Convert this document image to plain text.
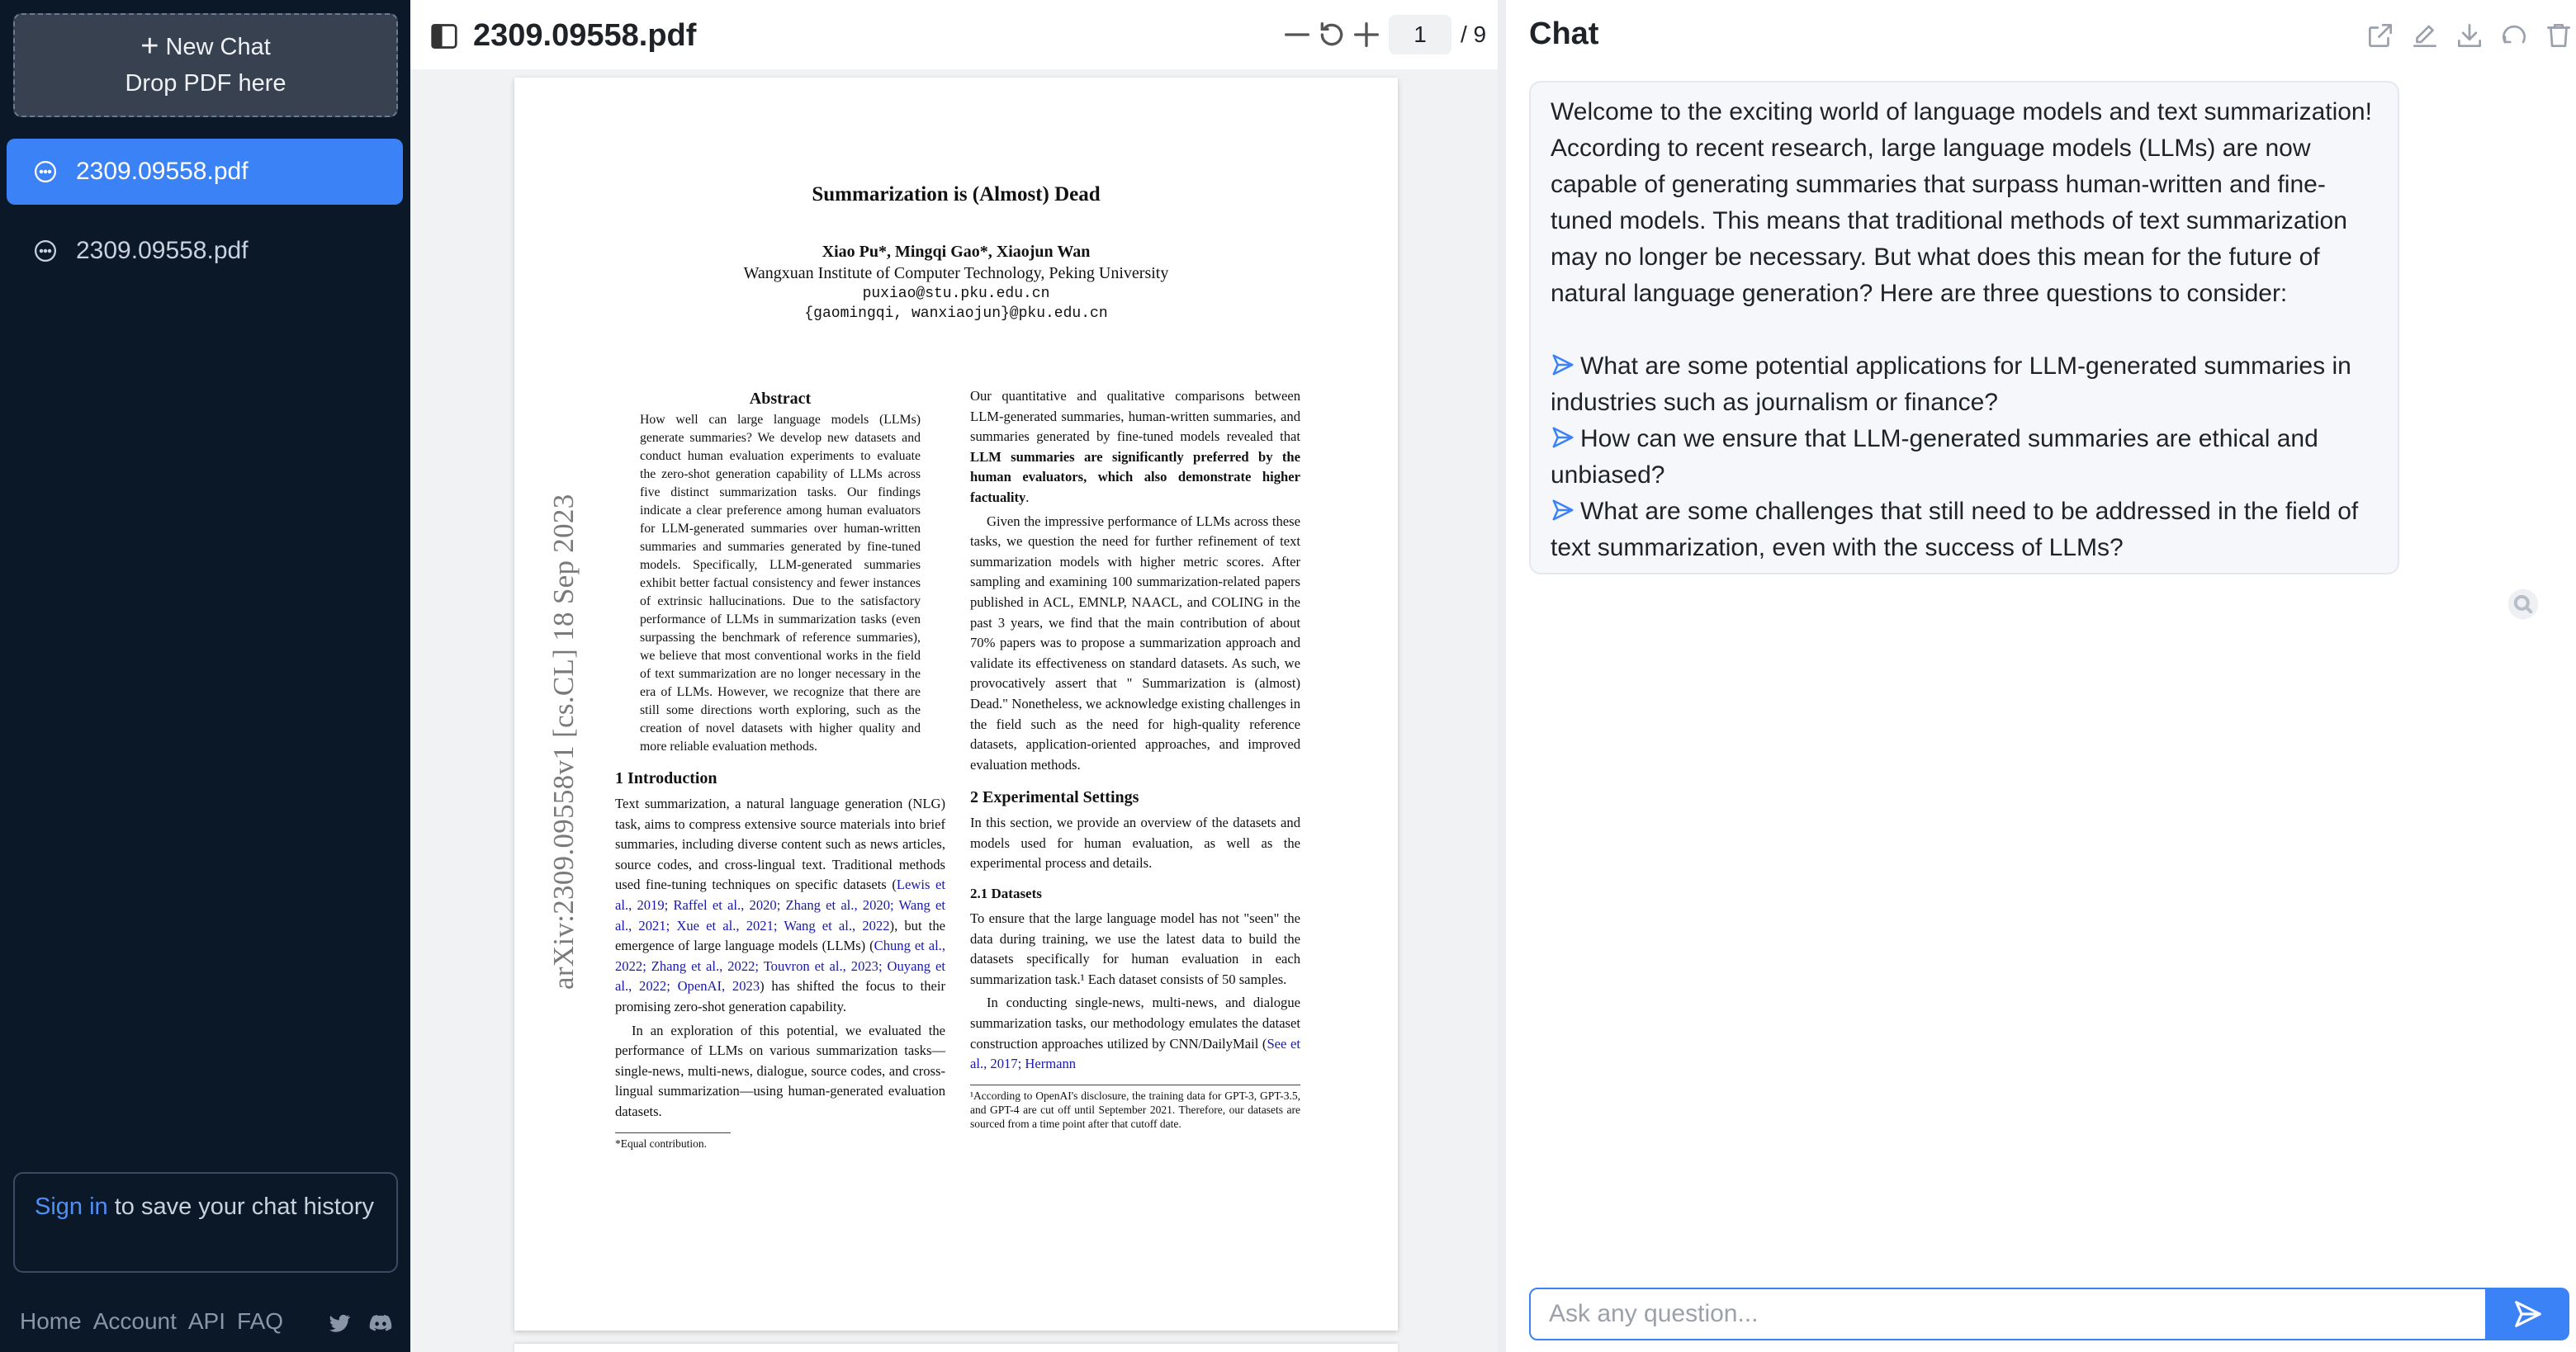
+ New Chat
Drop PDF here
2309.09558.pdf
2309.09558.pdf
Sign in to save your chat history
Home Account API FAQ
2309.09558.pdf
1	/ 9
Summarization is (Almost) Dead
Xiao Pu*, Mingqi Gao*, Xiaojun Wan
Wangxuan Institute of Computer Technology, Peking University
puxiao@stu.pku.edu.cn
{gaomingqi, wanxiaojun}@pku.edu.cn
arXiv:2309.09558v1 [cs.CL] 18 Sep 2023
Abstract
How well can large language models (LLMs) generate summaries? We develop new datasets and conduct human evaluation experiments to evaluate the zero-shot generation capability of LLMs across five distinct summarization tasks. Our findings indicate a clear preference among human evaluators for LLM-generated summaries over human-written summaries and summaries generated by fine-tuned models. Specifically, LLM-generated summaries exhibit better factual consistency and fewer instances of extrinsic hallucinations. Due to the satisfactory performance of LLMs in summarization tasks (even surpassing the benchmark of reference summaries), we believe that most conventional works in the field of text summarization are no longer necessary in the era of LLMs. However, we recognize that there are still some directions worth exploring, such as the creation of novel datasets with higher quality and more reliable evaluation methods.
1 Introduction
Text summarization, a natural language generation (NLG) task, aims to compress extensive source materials into brief summaries, including diverse content such as news articles, source codes, and cross-lingual text. Traditional methods used fine-tuning techniques on specific datasets (Lewis et al., 2019; Raffel et al., 2020; Zhang et al., 2020; Wang et al., 2021; Xue et al., 2021; Wang et al., 2022), but the emergence of large language models (LLMs) (Chung et al., 2022; Zhang et al., 2022; Touvron et al., 2023; Ouyang et al., 2022; OpenAI, 2023) has shifted the focus to their promising zero-shot generation capability.
In an exploration of this potential, we evaluated the performance of LLMs on various summarization tasks—single-news, multi-news, dialogue, source codes, and cross-lingual summarization—using human-generated evaluation datasets.
*Equal contribution.
Our quantitative and qualitative comparisons between LLM-generated summaries, human-written summaries, and summaries generated by fine-tuned models revealed that LLM summaries are significantly preferred by the human evaluators, which also demonstrate higher factuality.
Given the impressive performance of LLMs across these tasks, we question the need for further refinement of text summarization models with higher metric scores. After sampling and examining 100 summarization-related papers published in ACL, EMNLP, NAACL, and COLING in the past 3 years, we find that the main contribution of about 70% papers was to propose a summarization approach and validate its effectiveness on standard datasets. As such, we provocatively assert that " Summarization is (almost) Dead." Nonetheless, we acknowledge existing challenges in the field such as the need for high-quality reference datasets, application-oriented approaches, and improved evaluation methods.
2 Experimental Settings
In this section, we provide an overview of the datasets and models used for human evaluation, as well as the experimental process and details.
2.1 Datasets
To ensure that the large language model has not "seen" the data during training, we use the latest data to build the datasets specifically for human evaluation in each summarization task.¹ Each dataset consists of 50 samples.
In conducting single-news, multi-news, and dialogue summarization tasks, our methodology emulates the dataset construction approaches utilized by CNN/DailyMail (See et al., 2017; Hermann
¹According to OpenAI's disclosure, the training data for GPT-3, GPT-3.5, and GPT-4 are cut off until September 2021. Therefore, our datasets are sourced from a time point after that cutoff date.
Chat
Welcome to the exciting world of language models and text summarization! According to recent research, large language models (LLMs) are now capable of generating summaries that surpass human-written and fine-tuned models. This means that traditional methods of text summarization may no longer be necessary. But what does this mean for the future of natural language generation? Here are three questions to consider:
What are some potential applications for LLM-generated summaries in industries such as journalism or finance?
How can we ensure that LLM-generated summaries are ethical and unbiased?
What are some challenges that still need to be addressed in the field of text summarization, even with the success of LLMs?
Ask any question...
